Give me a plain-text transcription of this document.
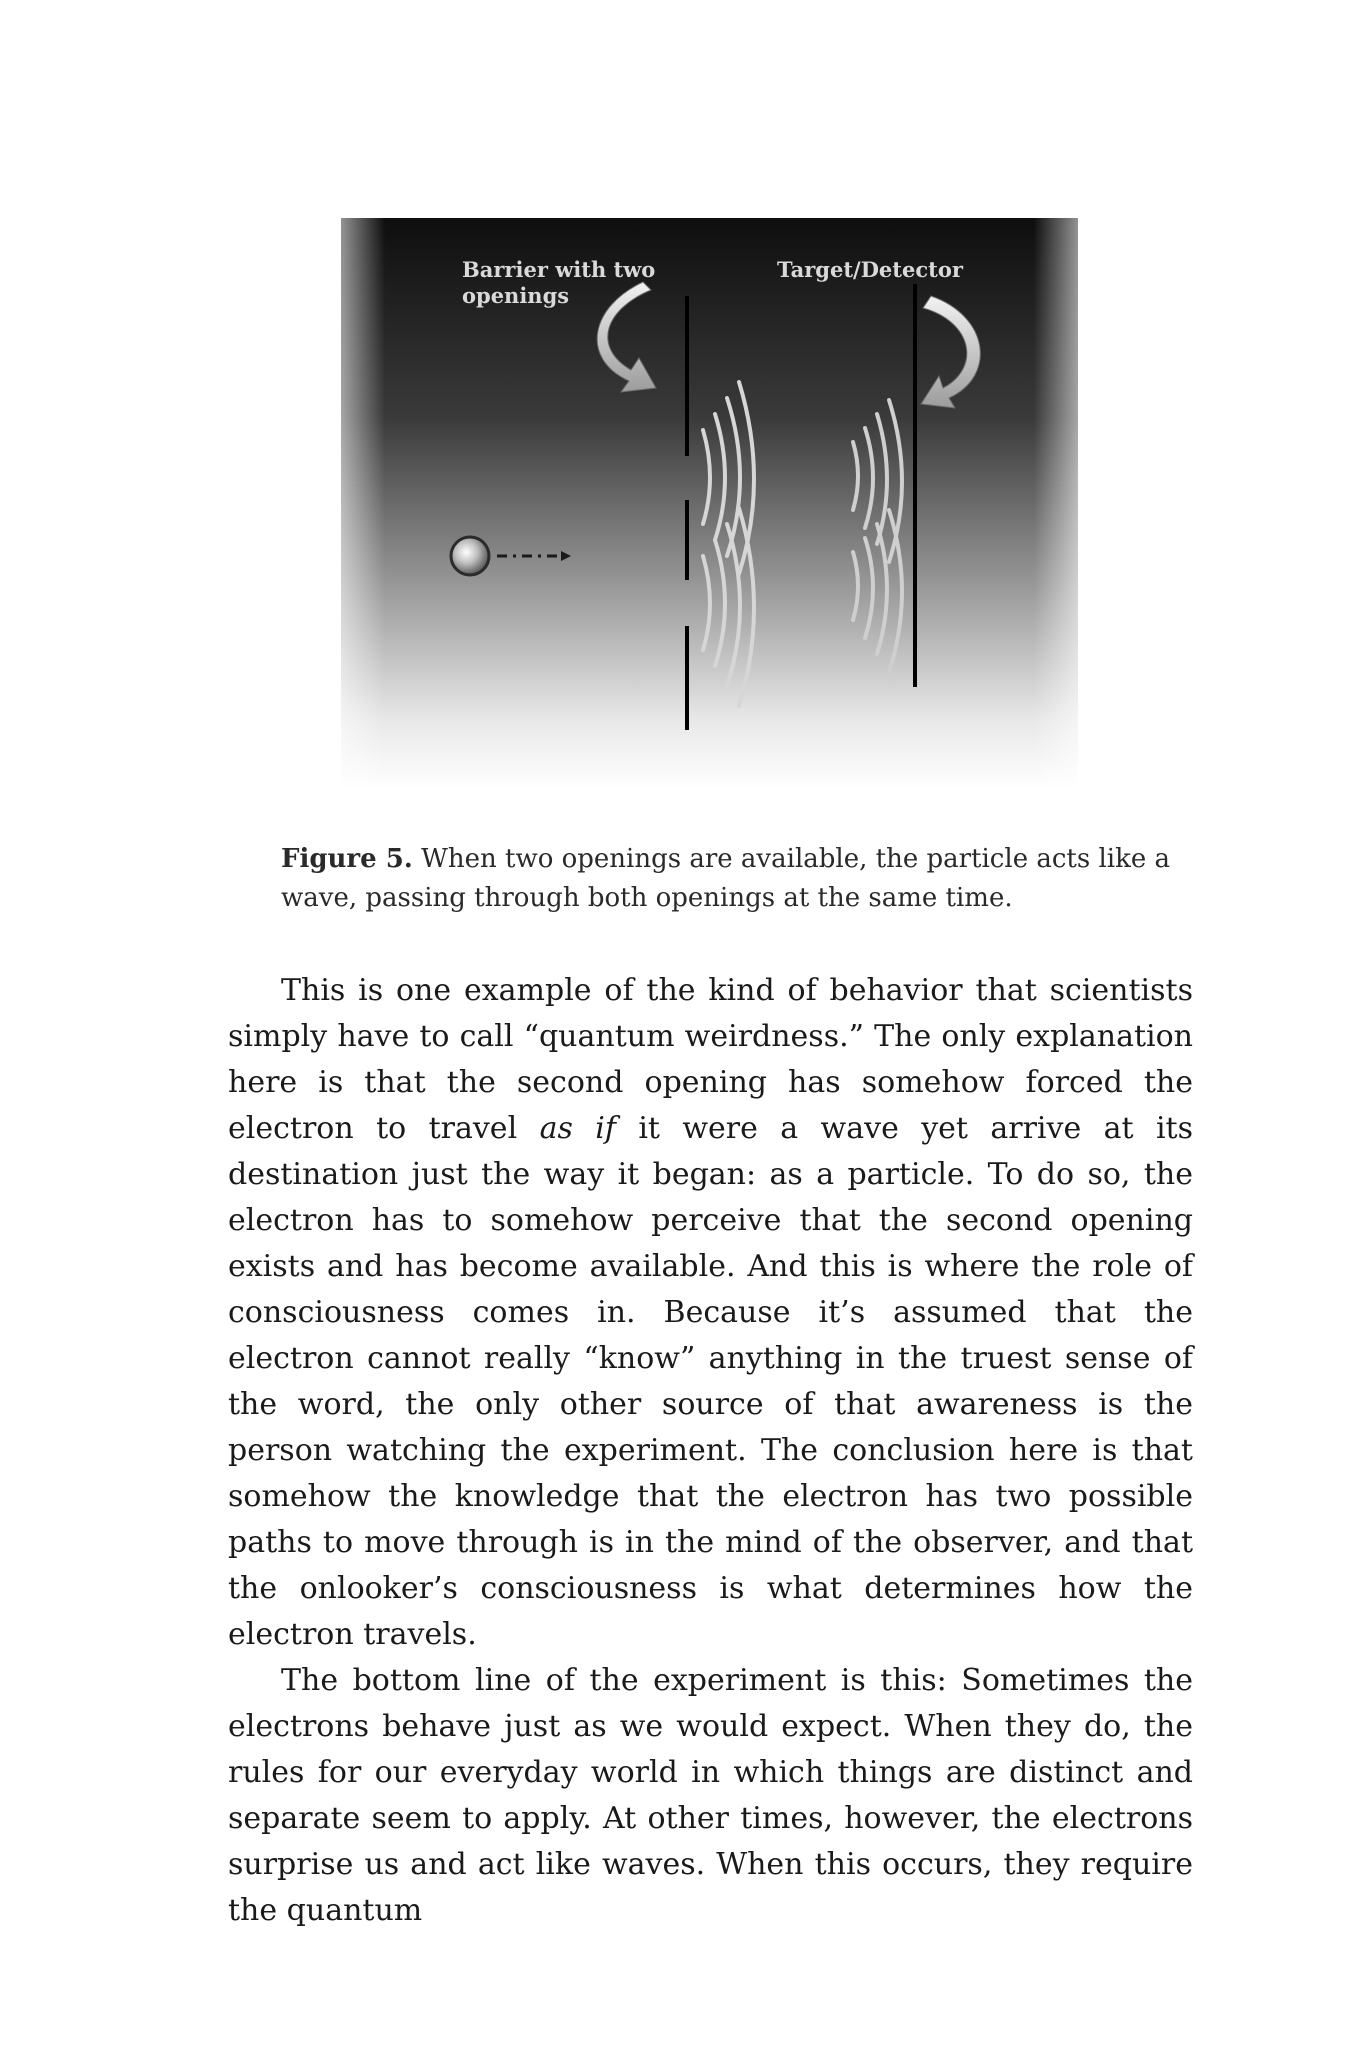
Barrier with two
openings
Target/Detector
Figure 5. When two openings are available, the particle acts like a
wave, passing through both openings at the same time.

This is one example of the kind of behavior that scientists simply have to call “quantum weirdness.” The only explanation here is that the second opening has somehow forced the electron to travel as if it were a wave yet arrive at its destination just the way it began: as a particle. To do so, the electron has to somehow perceive that the second opening exists and has become available. And this is where the role of consciousness comes in. Because it’s assumed that the electron cannot really “know” anything in the truest sense of the word, the only other source of that awareness is the person watching the experiment. The conclusion here is that somehow the knowledge that the electron has two possible paths to move through is in the mind of the observer, and that the onlooker’s consciousness is what determines how the electron travels.

The bottom line of the experiment is this: Sometimes the electrons behave just as we would expect. When they do, the rules for our everyday world in which things are distinct and separate seem to apply. At other times, however, the electrons surprise us and act like waves. When this occurs, they require the quantum
